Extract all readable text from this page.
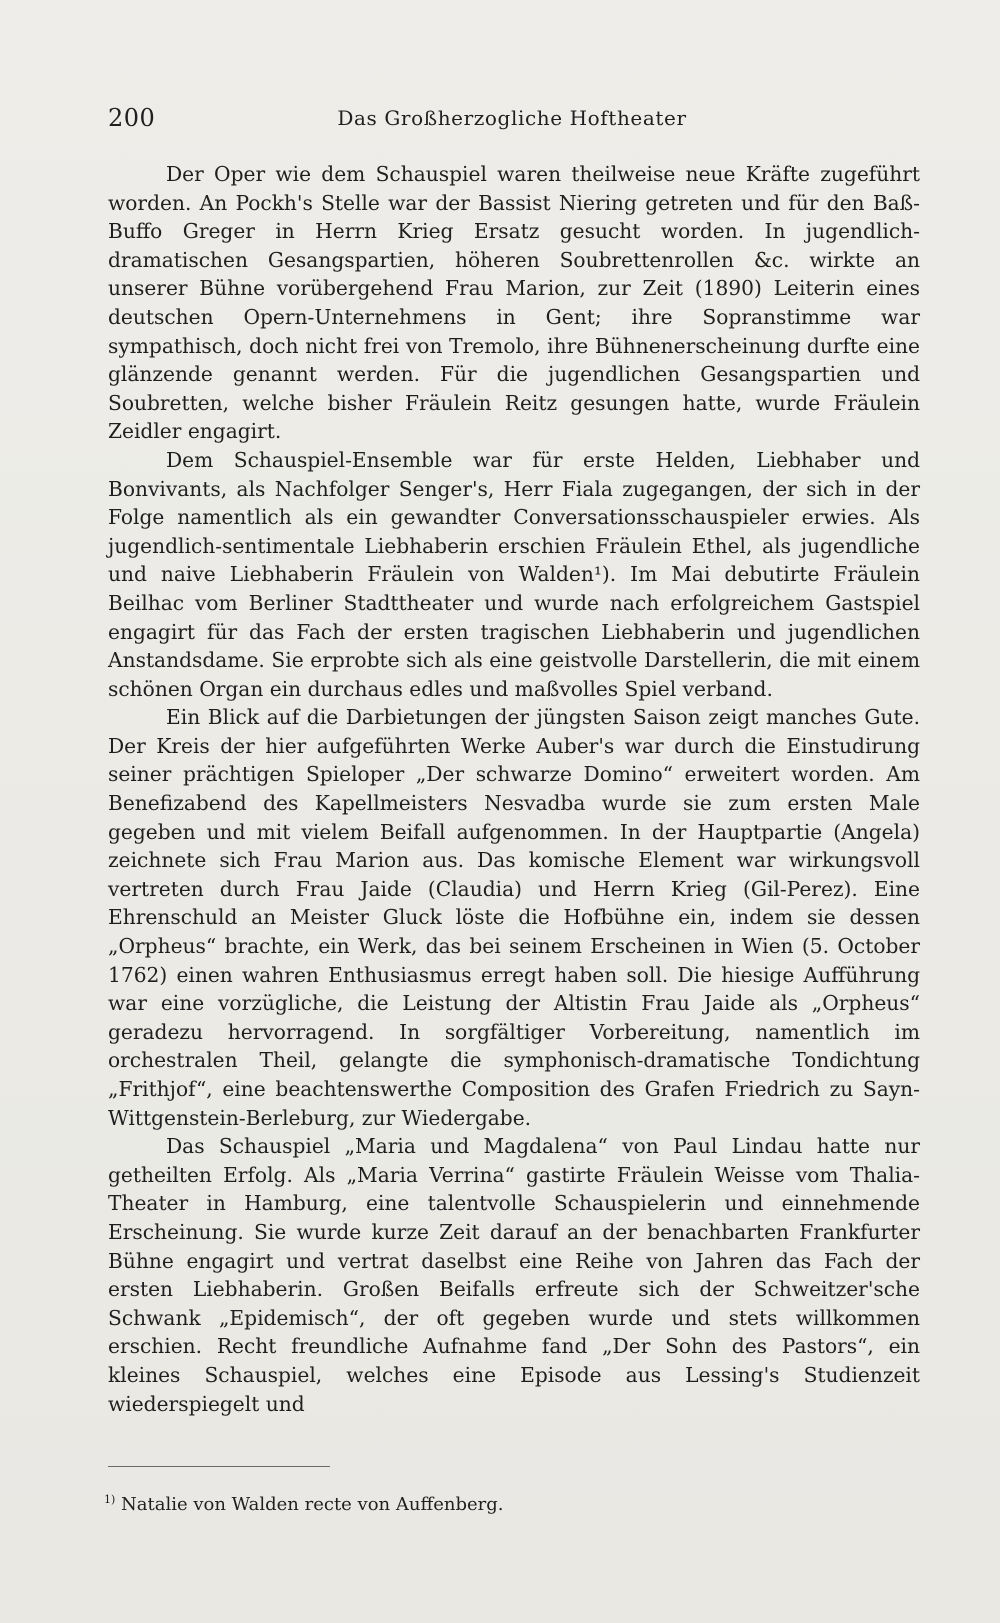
200	Das Großherzogliche Hoftheater

Der Oper wie dem Schauspiel waren theilweise neue Kräfte zugeführt worden. An Pockh's Stelle war der Bassist Niering getreten und für den Baß-Buffo Greger in Herrn Krieg Ersatz gesucht worden. In jugendlich-dramatischen Gesangspartien, höheren Soubrettenrollen &c. wirkte an unserer Bühne vorübergehend Frau Marion, zur Zeit (1890) Leiterin eines deutschen Opern-Unternehmens in Gent; ihre Sopranstimme war sympathisch, doch nicht frei von Tremolo, ihre Bühnenerscheinung durfte eine glänzende genannt werden. Für die jugendlichen Gesangspartien und Soubretten, welche bisher Fräulein Reitz gesungen hatte, wurde Fräulein Zeidler engagirt.

Dem Schauspiel-Ensemble war für erste Helden, Liebhaber und Bonvivants, als Nachfolger Senger's, Herr Fiala zugegangen, der sich in der Folge namentlich als ein gewandter Conversationsschauspieler erwies. Als jugendlich-sentimentale Liebhaberin erschien Fräulein Ethel, als jugendliche und naive Liebhaberin Fräulein von Walden¹). Im Mai debutirte Fräulein Beilhac vom Berliner Stadttheater und wurde nach erfolgreichem Gastspiel engagirt für das Fach der ersten tragischen Liebhaberin und jugendlichen Anstandsdame. Sie erprobte sich als eine geistvolle Darstellerin, die mit einem schönen Organ ein durchaus edles und maßvolles Spiel verband.

Ein Blick auf die Darbietungen der jüngsten Saison zeigt manches Gute. Der Kreis der hier aufgeführten Werke Auber's war durch die Einstudirung seiner prächtigen Spieloper „Der schwarze Domino“ erweitert worden. Am Benefizabend des Kapellmeisters Nesvadba wurde sie zum ersten Male gegeben und mit vielem Beifall aufgenommen. In der Hauptpartie (Angela) zeichnete sich Frau Marion aus. Das komische Element war wirkungsvoll vertreten durch Frau Jaide (Claudia) und Herrn Krieg (Gil-Perez). Eine Ehrenschuld an Meister Gluck löste die Hofbühne ein, indem sie dessen „Orpheus“ brachte, ein Werk, das bei seinem Erscheinen in Wien (5. October 1762) einen wahren Enthusiasmus erregt haben soll. Die hiesige Aufführung war eine vorzügliche, die Leistung der Altistin Frau Jaide als „Orpheus“ geradezu hervorragend. In sorgfältiger Vorbereitung, namentlich im orchestralen Theil, gelangte die symphonisch-dramatische Tondichtung „Frithjof“, eine beachtenswerthe Composition des Grafen Friedrich zu Sayn-Wittgenstein-Berleburg, zur Wiedergabe.

Das Schauspiel „Maria und Magdalena“ von Paul Lindau hatte nur getheilten Erfolg. Als „Maria Verrina“ gastirte Fräulein Weisse vom Thalia-Theater in Hamburg, eine talentvolle Schauspielerin und einnehmende Erscheinung. Sie wurde kurze Zeit darauf an der benachbarten Frankfurter Bühne engagirt und vertrat daselbst eine Reihe von Jahren das Fach der ersten Liebhaberin. Großen Beifalls erfreute sich der Schweitzer'sche Schwank „Epidemisch“, der oft gegeben wurde und stets willkommen erschien. Recht freundliche Aufnahme fand „Der Sohn des Pastors“, ein kleines Schauspiel, welches eine Episode aus Lessing's Studienzeit wiederspiegelt und

$^{1)}$ Natalie von Walden recte von Auffenberg.
